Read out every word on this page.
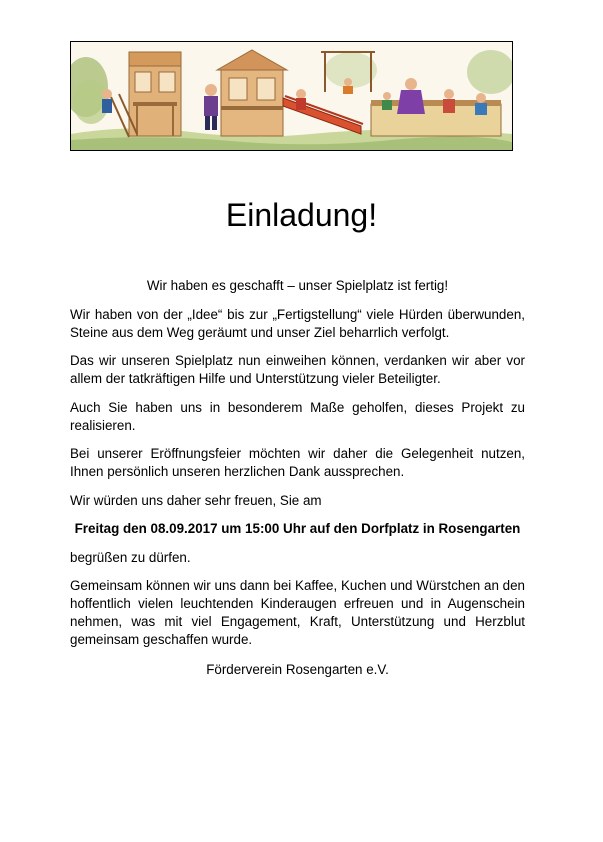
Einladung!

Wir haben es geschafft – unser Spielplatz ist fertig!

Wir haben von der „Idee“ bis zur „Fertigstellung“ viele Hürden überwunden, Steine aus dem Weg geräumt und unser Ziel beharrlich verfolgt.

Das wir unseren Spielplatz nun einweihen können, verdanken wir aber vor allem der tatkräftigen Hilfe und Unterstützung vieler Beteiligter.

Auch Sie haben uns in besonderem Maße geholfen, dieses Projekt zu realisieren.

Bei unserer Eröffnungsfeier möchten wir daher die Gelegenheit nutzen, Ihnen persönlich unseren herzlichen Dank aussprechen.

Wir würden uns daher sehr freuen, Sie am

Freitag den 08.09.2017 um 15:00 Uhr auf den Dorfplatz in Rosengarten

begrüßen zu dürfen.

Gemeinsam können wir uns dann bei Kaffee, Kuchen und Würstchen an den hoffentlich vielen leuchtenden Kinderaugen erfreuen und in Augenschein nehmen, was mit viel Engagement, Kraft, Unterstützung und Herzblut gemeinsam geschaffen wurde.

Förderverein Rosengarten e.V.
